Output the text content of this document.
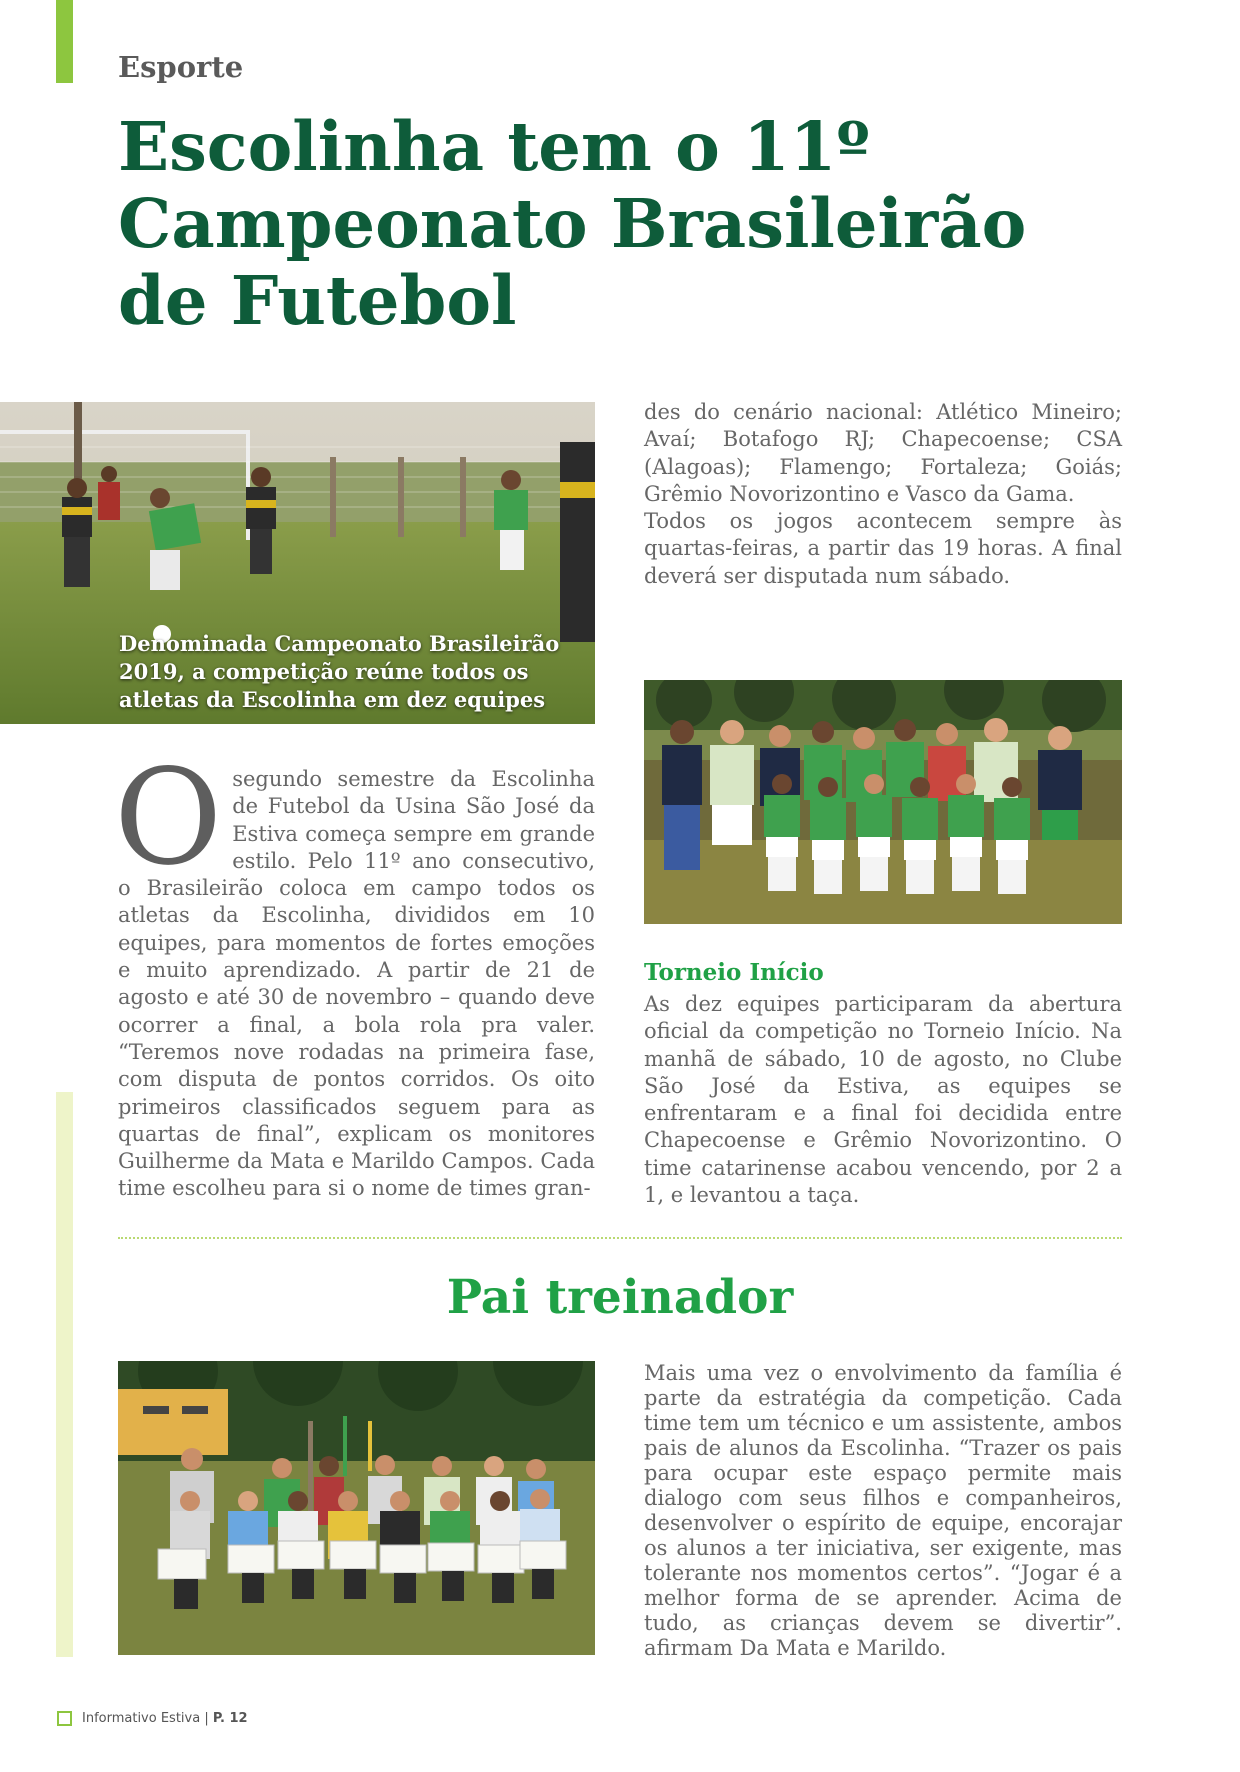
Esporte
Escolinha tem o 11º
Campeonato Brasileirão
de Futebol
Denominada Campeonato Brasileirão 2019, a competição reúne todos os atletas da Escolinha em dez equipes
Osegundo semestre da Escolinha de Futebol da Usina São José da Estiva começa sempre em grande estilo. Pelo 11º ano consecutivo, o Brasileirão coloca em campo todos os atletas da Escolinha, divididos em 10 equipes, para momentos de fortes emoções e muito aprendizado. A partir de 21 de agosto e até 30 de novembro – quando deve ocorrer a final, a bola rola pra valer. “Teremos nove rodadas na primeira fase, com disputa de pontos corridos. Os oito primeiros classificados seguem para as quartas de final”, explicam os monitores Guilherme da Mata e Marildo Campos. Cada time escolheu para si o nome de times gran-
des do cenário nacional: Atlético Mineiro; Avaí; Botafogo RJ; Chapecoense; CSA (Alagoas); Flamengo; Fortaleza; Goiás; Grêmio Novorizontino e Vasco da Gama.
Todos os jogos acontecem sempre às quartas-feiras, a partir das 19 horas. A final deverá ser disputada num sábado.
Torneio Início
As dez equipes participaram da abertura oficial da competição no Torneio Início. Na manhã de sábado, 10 de agosto, no Clube São José da Estiva, as equipes se enfrentaram e a final foi decidida entre Chapecoense e Grêmio Novorizontino. O time catarinense acabou vencendo, por 2 a 1, e levantou a taça.
Pai treinador
Mais uma vez o envolvimento da família é parte da estratégia da competição. Cada time tem um técnico e um assistente, ambos pais de alunos da Escolinha. “Trazer os pais para ocupar este espaço permite mais dialogo com seus filhos e companheiros, desenvolver o espírito de equipe, encorajar os alunos a ter iniciativa, ser exigente, mas tolerante nos momentos certos”. “Jogar é a melhor forma de se aprender. Acima de tudo, as crianças devem se divertir”. afirmam Da Mata e Marildo.
Informativo Estiva | P. 12
